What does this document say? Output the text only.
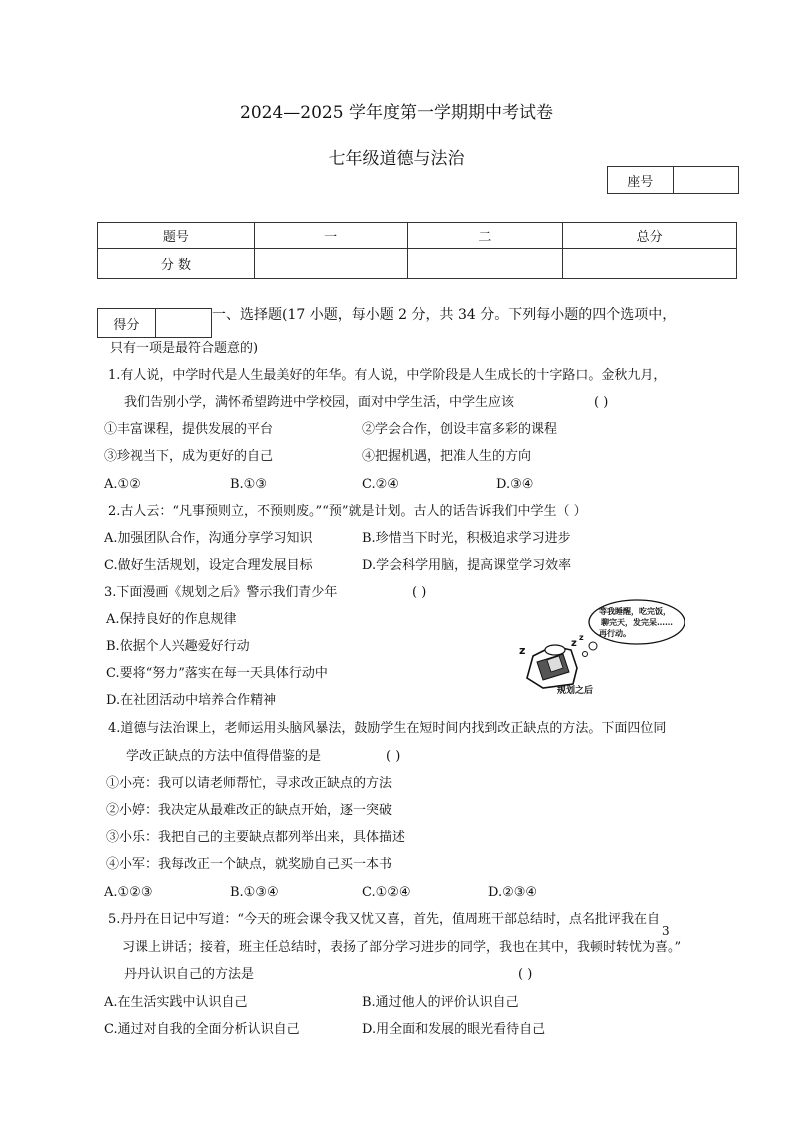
2024—2025 学年度第一学期期中考试卷
七年级道德与法治
座号	
题号	一	二	总分
分 数			
得分	
一、选择题(17 小题，每小题 2 分，共 34 分。下列每小题的四个选项中，
只有一项是最符合题意的)
1.有人说，中学时代是人生最美好的年华。有人说，中学阶段是人生成长的十字路口。金秋九月，
我们告别小学，满怀希望跨进中学校园，面对中学生活，中学生应该	( )
①丰富课程，提供发展的平台	②学会合作，创设丰富多彩的课程
③珍视当下，成为更好的自己	④把握机遇，把准人生的方向
A.①②	B.①③	C.②④	D.③④
2.古人云：“凡事预则立，不预则废。”“预”就是计划。古人的话告诉我们中学生（ ）
A.加强团队合作，沟通分享学习知识	B.珍惜当下时光，积极追求学习进步
C.做好生活规划，设定合理发展目标	D.学会科学用脑，提高课堂学习效率
3.下面漫画《规划之后》警示我们青少年	( )
A.保持良好的作息规律
B.依据个人兴趣爱好行动
C.要将“努力”落实在每一天具体行动中
D.在社团活动中培养合作精神
z
z
z
等我睡醒，吃完饭，
聊完天，发完呆……
再行动。
规划之后
4.道德与法治课上，老师运用头脑风暴法，鼓励学生在短时间内找到改正缺点的方法。下面四位同
学改正缺点的方法中值得借鉴的是	( )
①小亮：我可以请老师帮忙，寻求改正缺点的方法
②小婷：我决定从最难改正的缺点开始，逐一突破
③小乐：我把自己的主要缺点都列举出来，具体描述
④小军：我每改正一个缺点，就奖励自己买一本书
A.①②③	B.①③④	C.①②④	D.②③④
5.丹丹在日记中写道：“今天的班会课令我又忧又喜，首先，值周班干部总结时，点名批评我在自
习课上讲话；接着，班主任总结时，表扬了部分学习进步的同学，我也在其中，我顿时转忧为喜。”
3
丹丹认识自己的方法是	( )
A.在生活实践中认识自己	B.通过他人的评价认识自己
C.通过对自我的全面分析认识自己	D.用全面和发展的眼光看待自己
